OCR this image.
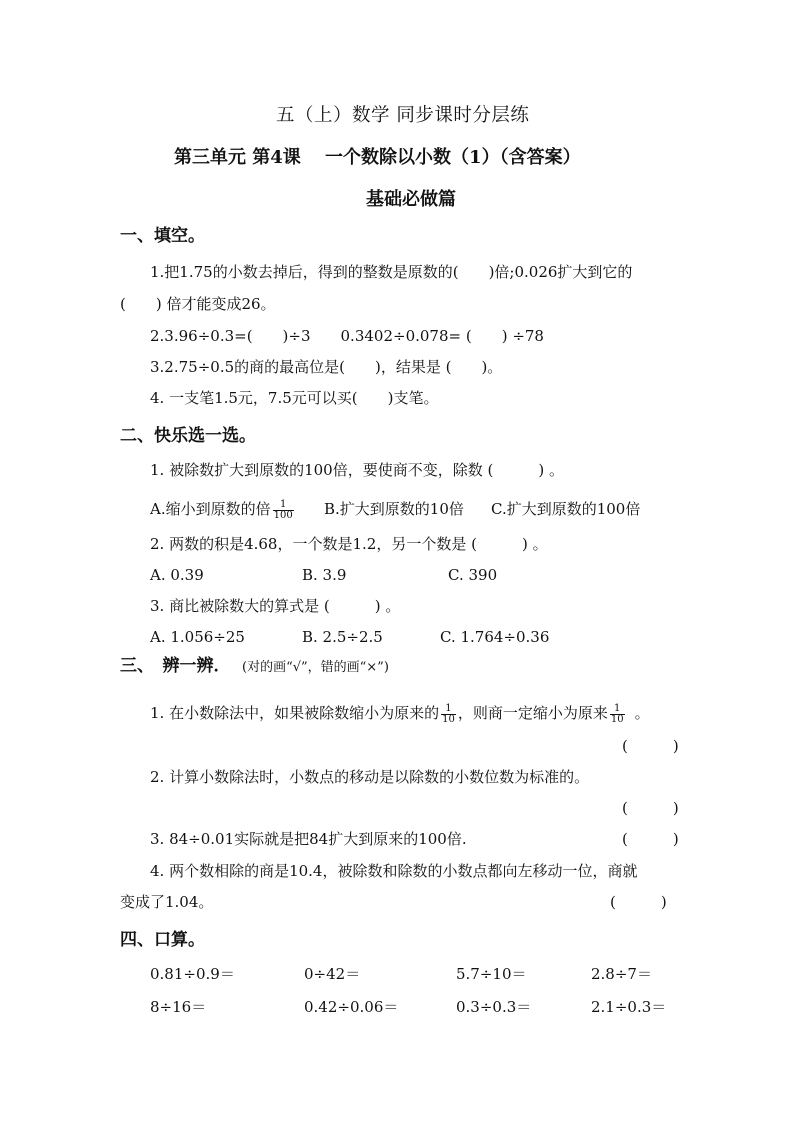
五（上）数学 同步课时分层练
第三单元 第4课　 一个数除以小数（1）（含答案）
基础必做篇
一、填空。
1.把1.75的小数去掉后，得到的整数是原数的(　　)倍;0.026扩大到它的
(　　) 倍才能变成26。
2.3.96÷0.3=(　　)÷3　　0.3402÷0.078= (　　) ÷78
3.2.75÷0.5的商的最高位是(　　)，结果是 (　　)。
4. 一支笔1.5元，7.5元可以买(　　)支笔。
二、快乐选一选。
1. 被除数扩大到原数的100倍，要使商不变，除数 (　　　) 。
A.缩小到原数的倍 $\frac{1}{100} B$.扩大到原数的10倍 C.扩大到原数的100倍
2. 两数的积是4.68，一个数是1.2，另一个数是 (　　　) 。
A. 0.39	B. 3.9	C. 390
3. 商比被除数大的算式是 (　　　) 。
A. 1.056÷25	B. 2.5÷2.5	C. 1.764÷0.36
三、　辨一辨． (对的画“√”，错的画“×”)
1. 在小数除法中，如果被除数缩小为原来的 $\frac{1}{10}$ ，则商一定缩小为原来 $\frac{1}{10}$ 。
(　　　)
2. 计算小数除法时，小数点的移动是以除数的小数位数为标准的。
(　　　)
3. 84÷0.01实际就是把84扩大到原来的100倍.	(　　　)
4. 两个数相除的商是10.4，被除数和除数的小数点都向左移动一位，商就
变成了1.04。	(　　　)
四、口算。
0.81÷0.9＝	0÷42＝	5.7÷10＝	2.8÷7＝
8÷16＝	0.42÷0.06＝	0.3÷0.3＝	2.1÷0.3＝
